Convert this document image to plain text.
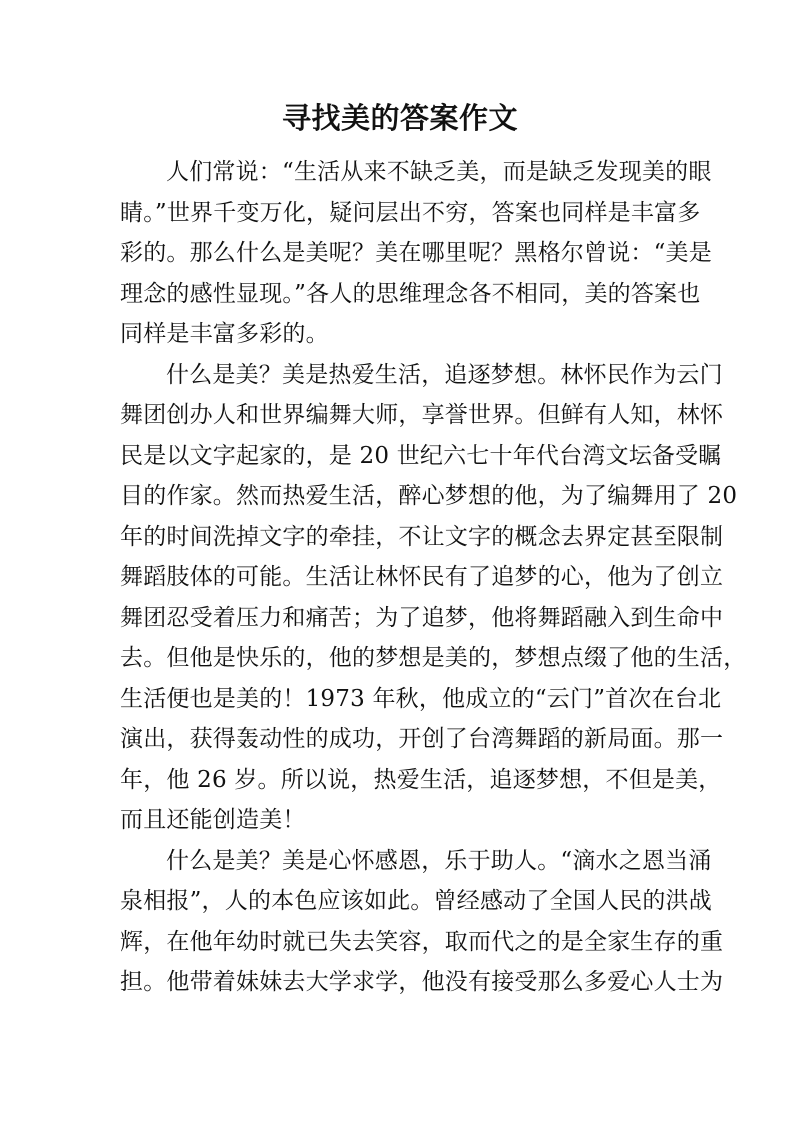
寻找美的答案作文
人们常说：“生活从来不缺乏美，而是缺乏发现美的眼
睛。”世界千变万化，疑问层出不穷，答案也同样是丰富多
彩的。那么什么是美呢？美在哪里呢？黑格尔曾说：“美是
理念的感性显现。”各人的思维理念各不相同，美的答案也
同样是丰富多彩的。
什么是美？美是热爱生活，追逐梦想。林怀民作为云门
舞团创办人和世界编舞大师，享誉世界。但鲜有人知，林怀
民是以文字起家的，是 20 世纪六七十年代台湾文坛备受瞩
目的作家。然而热爱生活，醉心梦想的他，为了编舞用了 20
年的时间洗掉文字的牵挂，不让文字的概念去界定甚至限制
舞蹈肢体的可能。生活让林怀民有了追梦的心，他为了创立
舞团忍受着压力和痛苦；为了追梦，他将舞蹈融入到生命中
去。但他是快乐的，他的梦想是美的，梦想点缀了他的生活，
生活便也是美的！1973 年秋，他成立的“云门”首次在台北
演出，获得轰动性的成功，开创了台湾舞蹈的新局面。那一
年，他 26 岁。所以说，热爱生活，追逐梦想，不但是美，
而且还能创造美！
什么是美？美是心怀感恩，乐于助人。“滴水之恩当涌
泉相报”，人的本色应该如此。曾经感动了全国人民的洪战
辉，在他年幼时就已失去笑容，取而代之的是全家生存的重
担。他带着妹妹去大学求学，他没有接受那么多爱心人士为
